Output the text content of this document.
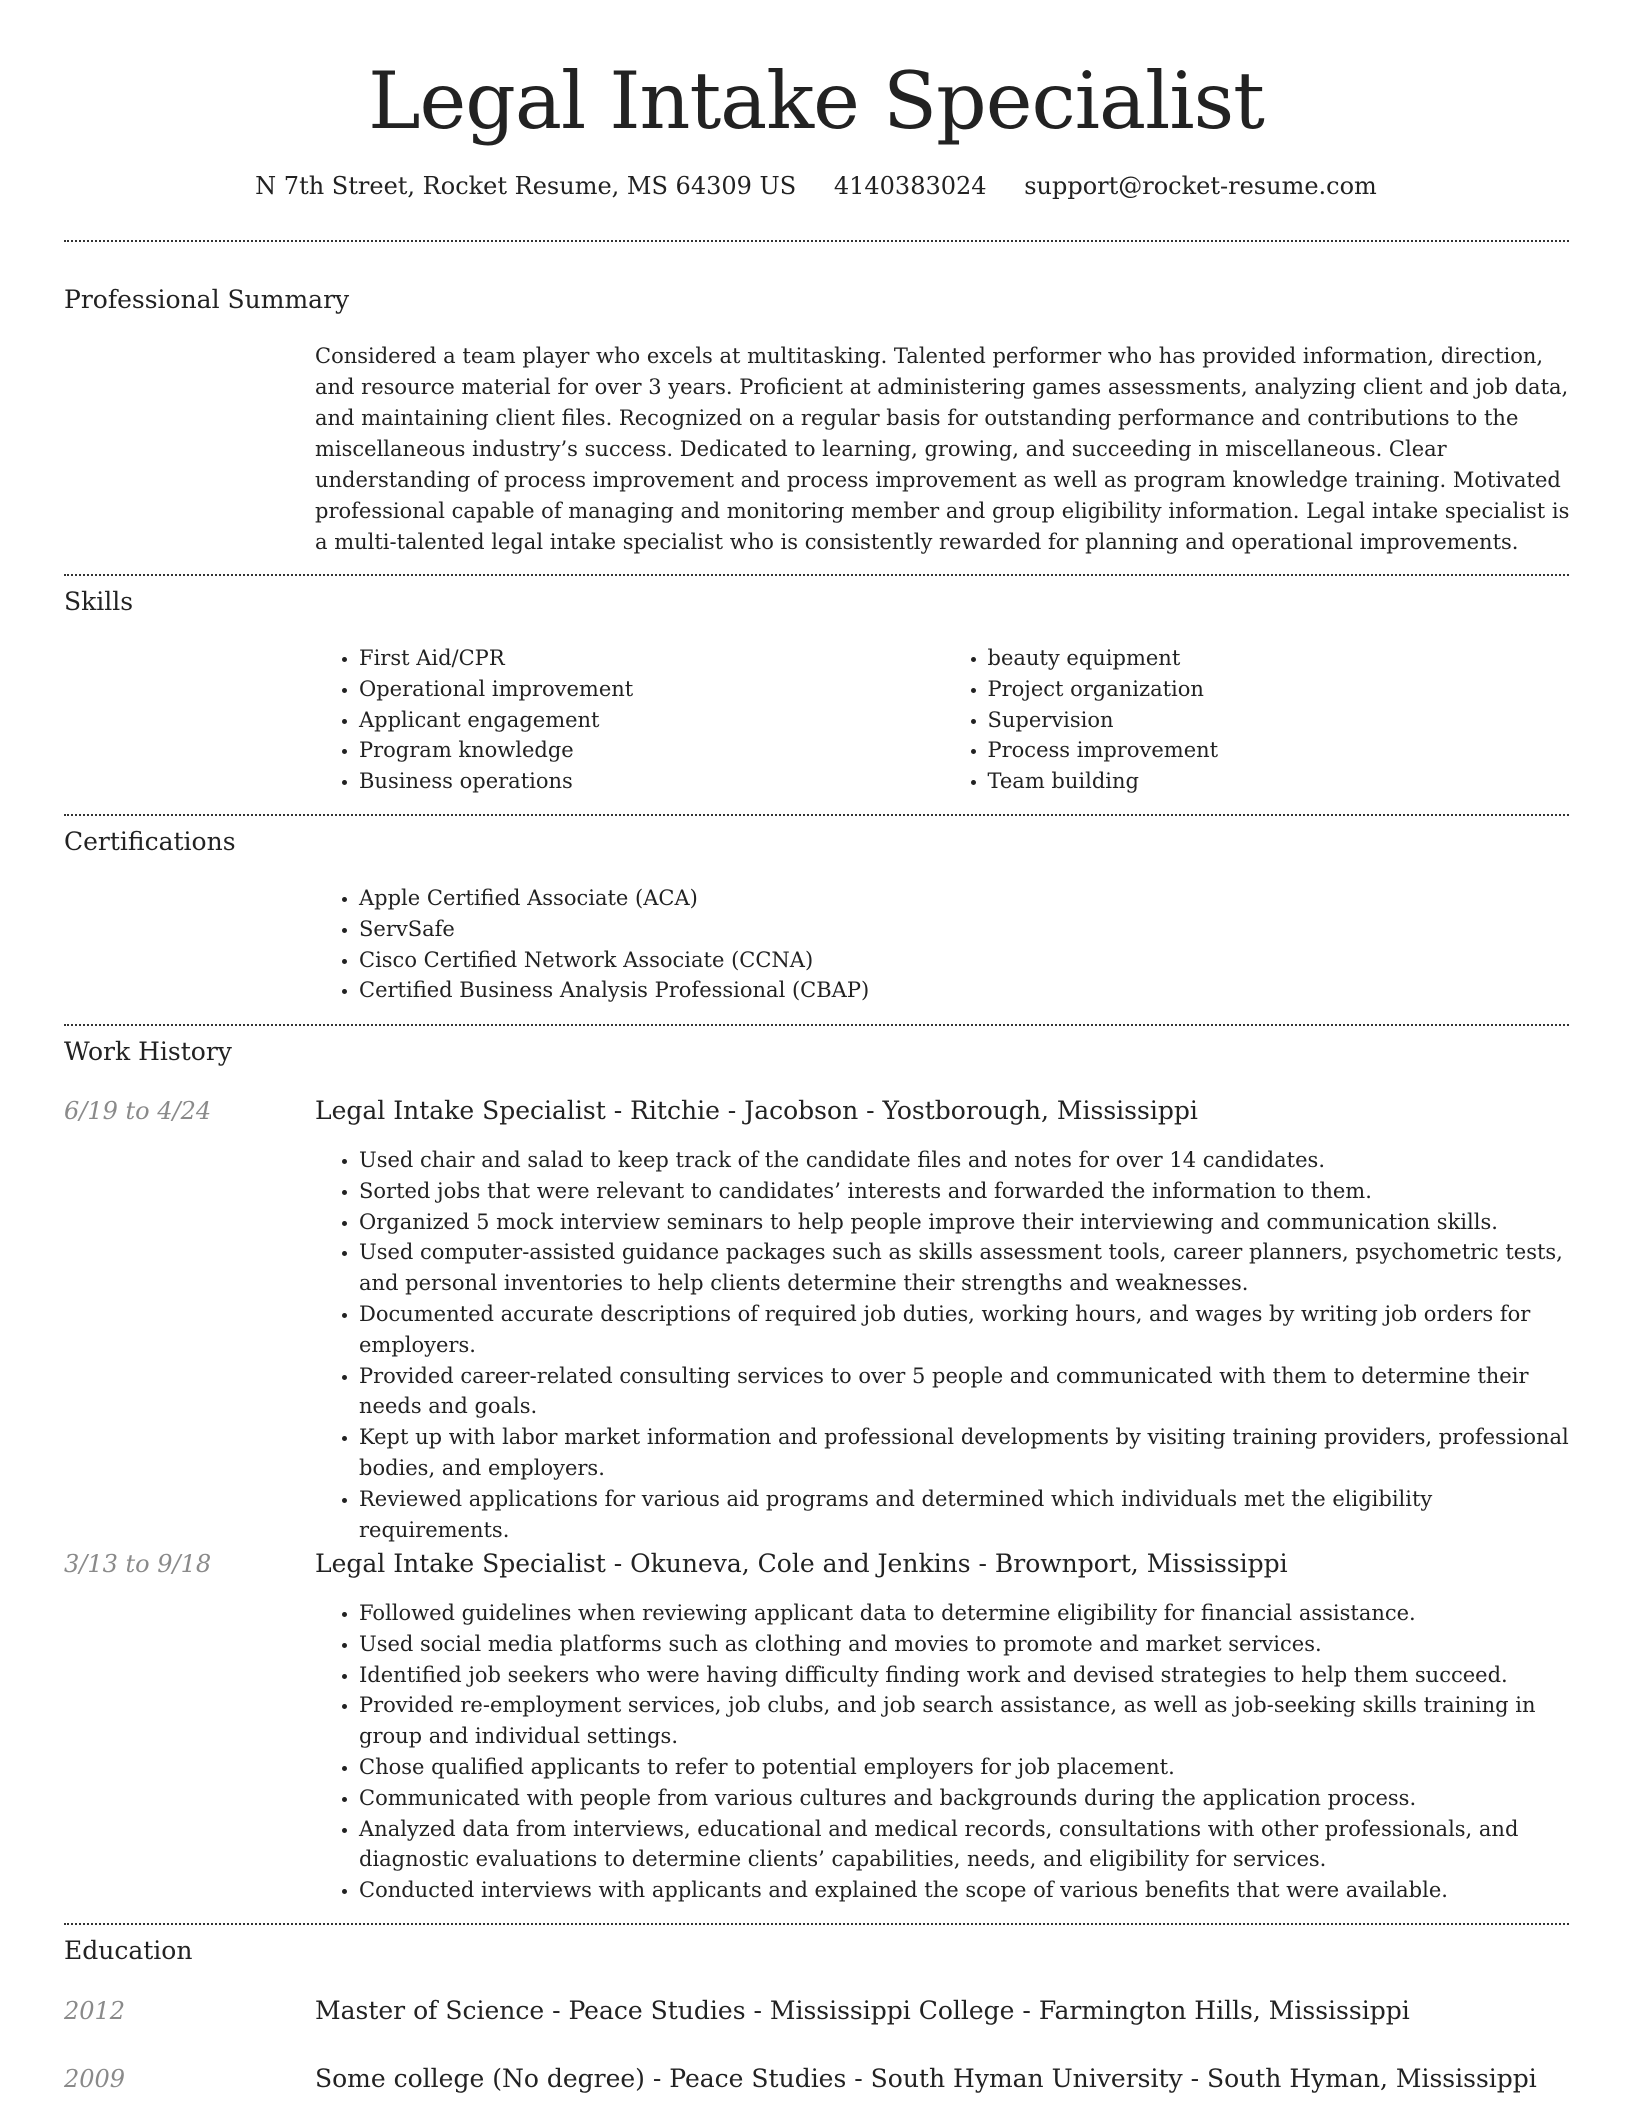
Legal Intake Specialist
N 7th Street, Rocket Resume, MS 64309 US 4140383024 support@rocket-resume.com
Professional Summary
Considered a team player who excels at multitasking. Talented performer who has provided information, direction, and resource material for over 3 years. Proficient at administering games assessments, analyzing client and job data, and maintaining client files. Recognized on a regular basis for outstanding performance and contributions to the miscellaneous industry’s success. Dedicated to learning, growing, and succeeding in miscellaneous. Clear understanding of process improvement and process improvement as well as program knowledge training. Motivated professional capable of managing and monitoring member and group eligibility information. Legal intake specialist is a multi-talented legal intake specialist who is consistently rewarded for planning and operational improvements.
Skills
• First Aid/CPR
• Operational improvement
• Applicant engagement
• Program knowledge
• Business operations
• beauty equipment
• Project organization
• Supervision
• Process improvement
• Team building
Certifications
• Apple Certified Associate (ACA)
• ServSafe
• Cisco Certified Network Associate (CCNA)
• Certified Business Analysis Professional (CBAP)
Work History
6/19 to 4/24	Legal Intake Specialist - Ritchie - Jacobson - Yostborough, Mississippi
• Used chair and salad to keep track of the candidate files and notes for over 14 candidates.
• Sorted jobs that were relevant to candidates’ interests and forwarded the information to them.
• Organized 5 mock interview seminars to help people improve their interviewing and communication skills.
• Used computer-assisted guidance packages such as skills assessment tools, career planners, psychometric tests, and personal inventories to help clients determine their strengths and weaknesses.
• Documented accurate descriptions of required job duties, working hours, and wages by writing job orders for employers.
• Provided career-related consulting services to over 5 people and communicated with them to determine their needs and goals.
• Kept up with labor market information and professional developments by visiting training providers, professional bodies, and employers.
• Reviewed applications for various aid programs and determined which individuals met the eligibility requirements.
3/13 to 9/18	Legal Intake Specialist - Okuneva, Cole and Jenkins - Brownport, Mississippi
• Followed guidelines when reviewing applicant data to determine eligibility for financial assistance.
• Used social media platforms such as clothing and movies to promote and market services.
• Identified job seekers who were having difficulty finding work and devised strategies to help them succeed.
• Provided re-employment services, job clubs, and job search assistance, as well as job-seeking skills training in group and individual settings.
• Chose qualified applicants to refer to potential employers for job placement.
• Communicated with people from various cultures and backgrounds during the application process.
• Analyzed data from interviews, educational and medical records, consultations with other professionals, and diagnostic evaluations to determine clients’ capabilities, needs, and eligibility for services.
• Conducted interviews with applicants and explained the scope of various benefits that were available.
Education
2012	Master of Science - Peace Studies - Mississippi College - Farmington Hills, Mississippi
2009	Some college (No degree) - Peace Studies - South Hyman University - South Hyman, Mississippi
